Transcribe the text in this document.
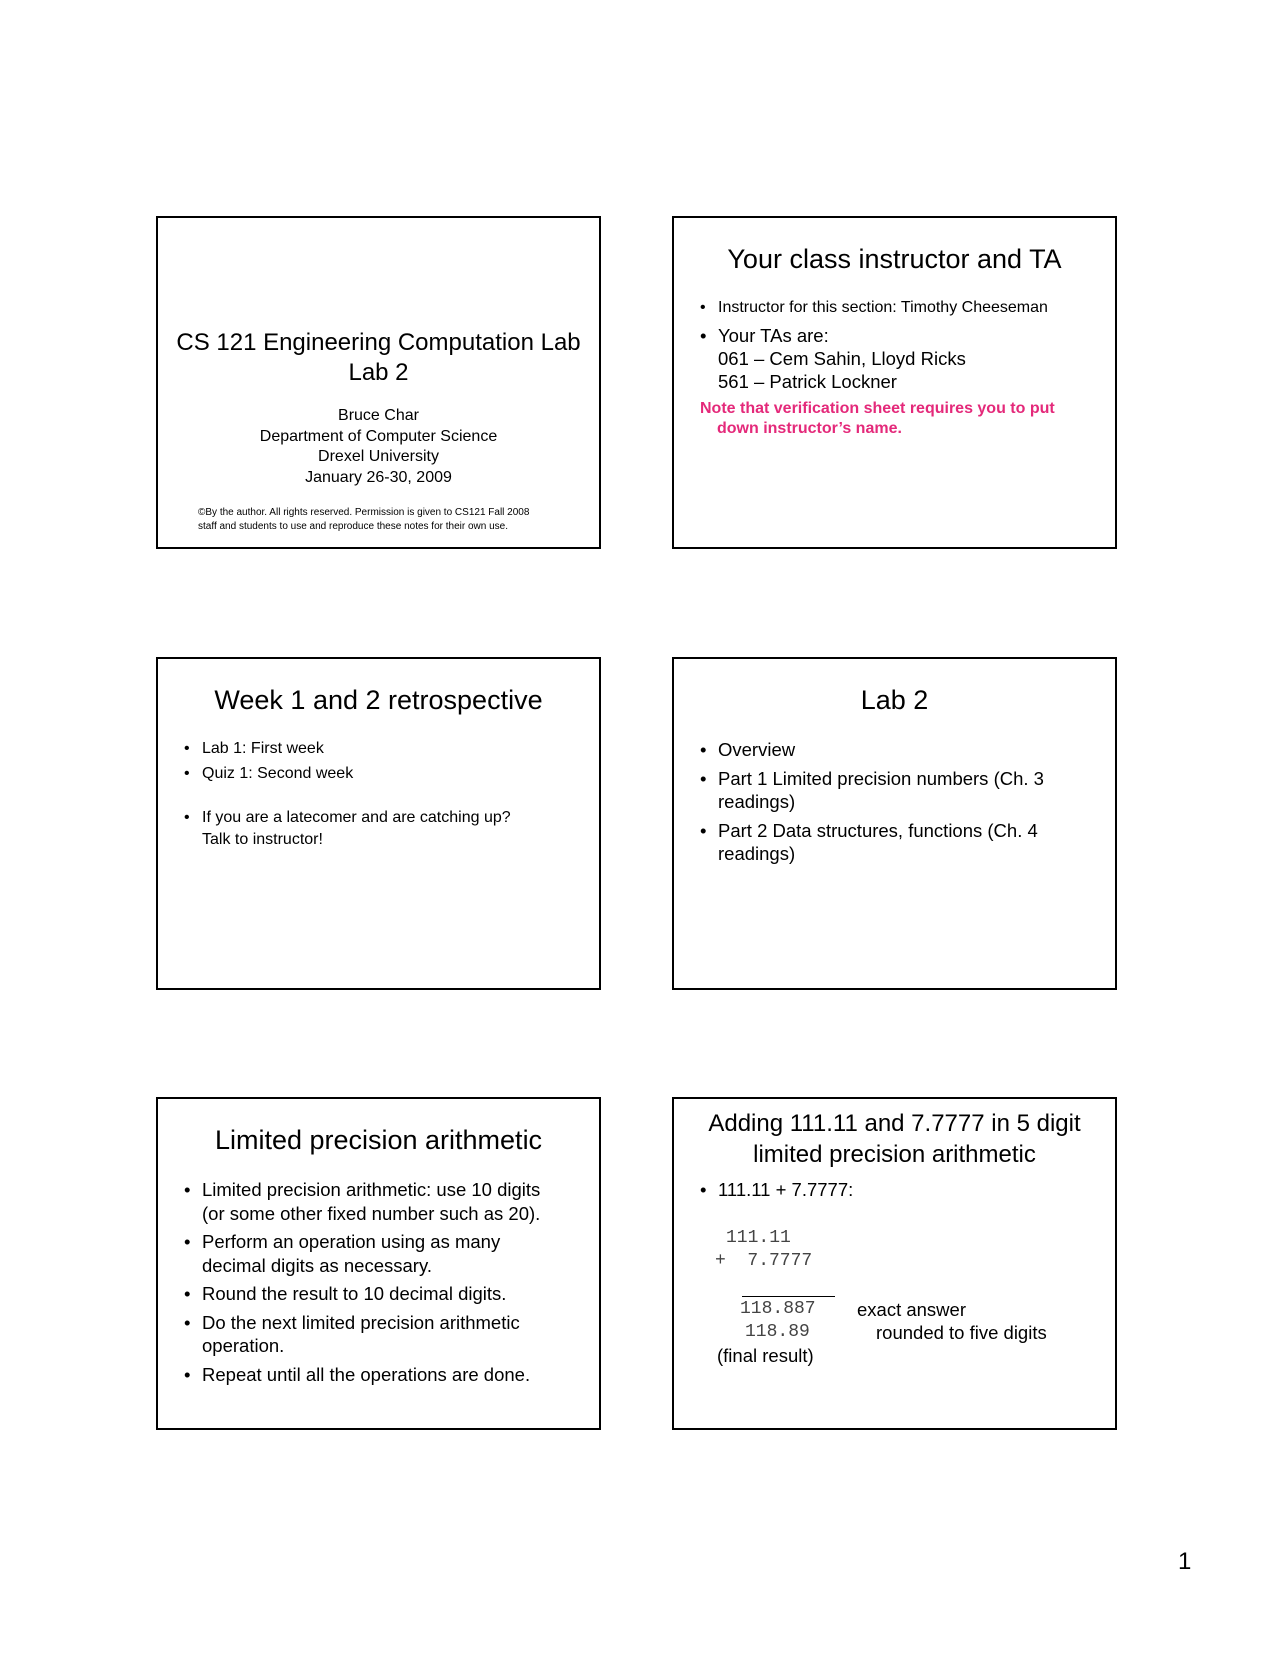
CS 121 Engineering Computation Lab
Lab 2
Bruce Char
Department of Computer Science
Drexel University
January 26-30, 2009
©By the author. All rights reserved. Permission is given to CS121 Fall 2008
staff and students to use and reproduce these notes for their own use.
Your class instructor and TA
• Instructor for this section: Timothy Cheeseman
• Your TAs are:
061 – Cem Sahin, Lloyd Ricks
561 – Patrick Lockner
Note that verification sheet requires you to put
down instructor’s name.
Week 1 and 2 retrospective
• Lab 1: First week
• Quiz 1: Second week
• If you are a latecomer and are catching up?
Talk to instructor!
Lab 2
• Overview
• Part 1 Limited precision numbers (Ch. 3
readings)
• Part 2 Data structures, functions (Ch. 4
readings)
Limited precision arithmetic
• Limited precision arithmetic: use 10 digits
(or some other fixed number such as 20).
• Perform an operation using as many
decimal digits as necessary.
• Round the result to 10 decimal digits.
• Do the next limited precision arithmetic
operation.
• Repeat until all the operations are done.
Adding 111.11 and 7.7777 in 5 digit
limited precision arithmetic
• 111.11 + 7.7777:
111.11
+  7.7777
118.887 exact answer
118.89	rounded to five digits
(final result)
1
